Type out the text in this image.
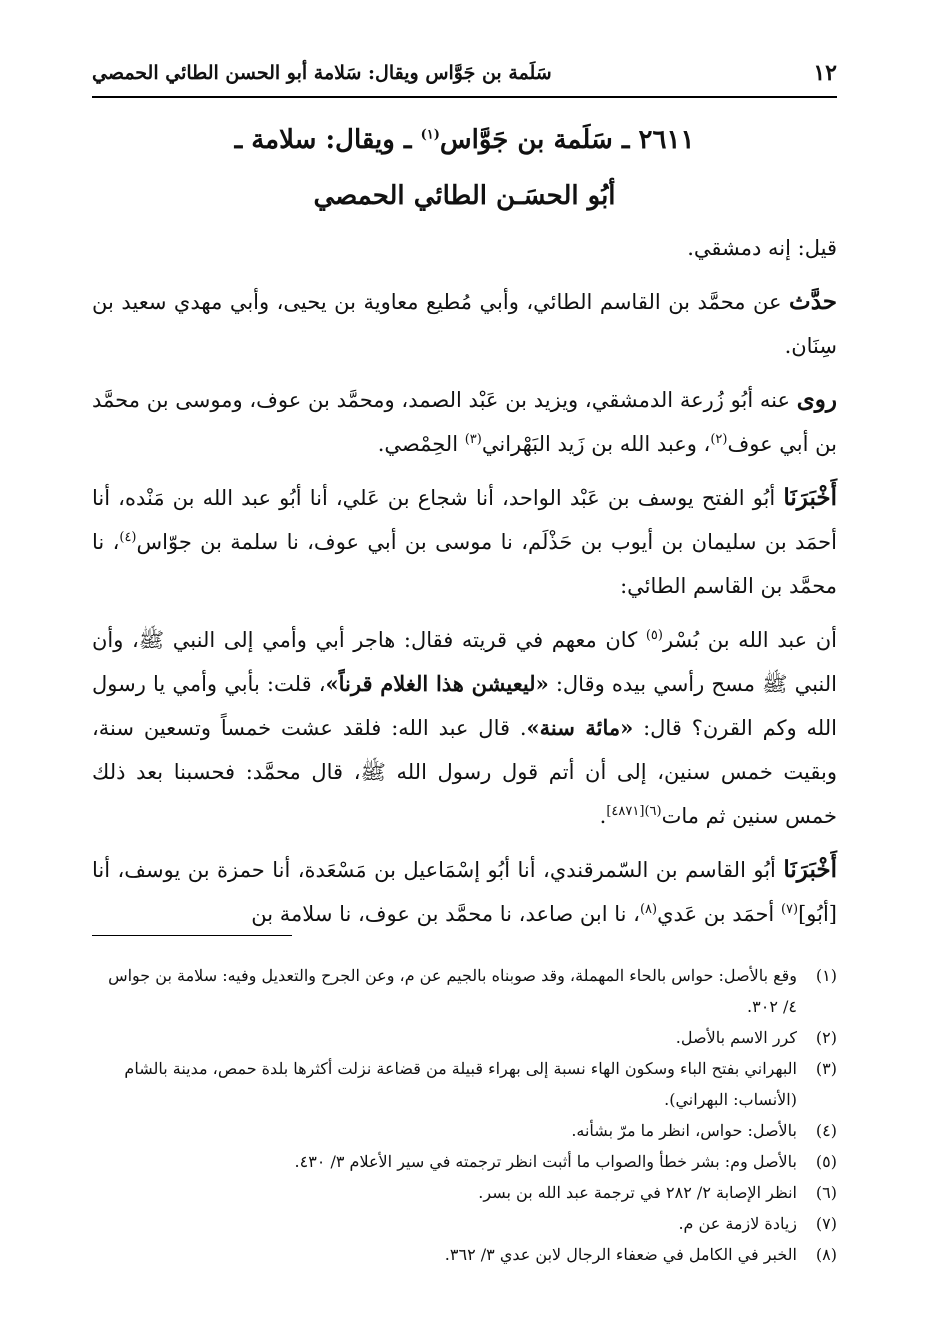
١٢
سَلَمة بن جَوَّاس ويقال: سَلامة أبو الحسن الطائي الحمصي
٢٦١١ ـ سَلَمة بن جَوَّاس$^{(١)}$ ـ ويقال: سلامة ـ
أبُو الحسَـن الطائي الحمصي

قيل: إنه دمشقي.

حدَّث عن محمَّد بن القاسم الطائي، وأبي مُطيع معاوية بن يحيى، وأبي مهدي سعيد بن سِنَان.

روى عنه أبُو زُرعة الدمشقي، ويزيد بن عَبْد الصمد، ومحمَّد بن عوف، وموسى بن محمَّد بن أبي عوف$^{(٢)}$، وعبد الله بن زَيد البَهْراني$^{(٣)}$ الحِمْصي.

أَخْبَرَنَا أبُو الفتح يوسف بن عَبْد الواحد، أنا شجاع بن عَلي، أنا أبُو عبد الله بن مَنْده، أنا أحمَد بن سليمان بن أيوب بن حَذْلَم، نا موسى بن أبي عوف، نا سلمة بن جوّاس$^{(٤)}$، نا محمَّد بن القاسم الطائي:

أن عبد الله بن بُسْر$^{(٥)}$ كان معهم في قريته فقال: هاجر أبي وأمي إلى النبي ﷺ، وأن النبي ﷺ مسح رأسي بيده وقال: «ليعيشن هذا الغلام قرناً»، قلت: بأبي وأمي يا رسول الله وكم القرن؟ قال: «مائة سنة». قال عبد الله: فلقد عشت خمساً وتسعين سنة، وبقيت خمس سنين، إلى أن أتم قول رسول الله ﷺ، قال محمَّد: فحسبنا بعد ذلك خمس سنين ثم مات$^{(٦)[٤٨٧١]}$.

أَخْبَرَنَا أبُو القاسم بن السّمرقندي، أنا أبُو إسْمَاعيل بن مَسْعَدة، أنا حمزة بن يوسف، أنا [أبُو]$^{(٧)}$ أحمَد بن عَدي$^{(٨)}$، نا ابن صاعد، نا محمَّد بن عوف، نا سلامة بن

(١)
وقع بالأصل: حواس بالحاء المهملة، وقد صوبناه بالجيم عن م، وعن الجرح والتعديل وفيه: سلامة بن جواس ٤/ ٣٠٢.
(٢)
كرر الاسم بالأصل.
(٣)
البهراني بفتح الباء وسكون الهاء نسبة إلى بهراء قبيلة من قضاعة نزلت أكثرها بلدة حمص، مدينة بالشام (الأنساب: البهراني).
(٤)
بالأصل: حواس، انظر ما مرّ بشأنه.
(٥)
بالأصل وم: بشر خطأ والصواب ما أثبت انظر ترجمته في سير الأعلام ٣/ ٤٣٠.
(٦)
انظر الإصابة ٢/ ٢٨٢ في ترجمة عبد الله بن بسر.
(٧)
زيادة لازمة عن م.
(٨)
الخبر في الكامل في ضعفاء الرجال لابن عدي ٣/ ٣٦٢.
